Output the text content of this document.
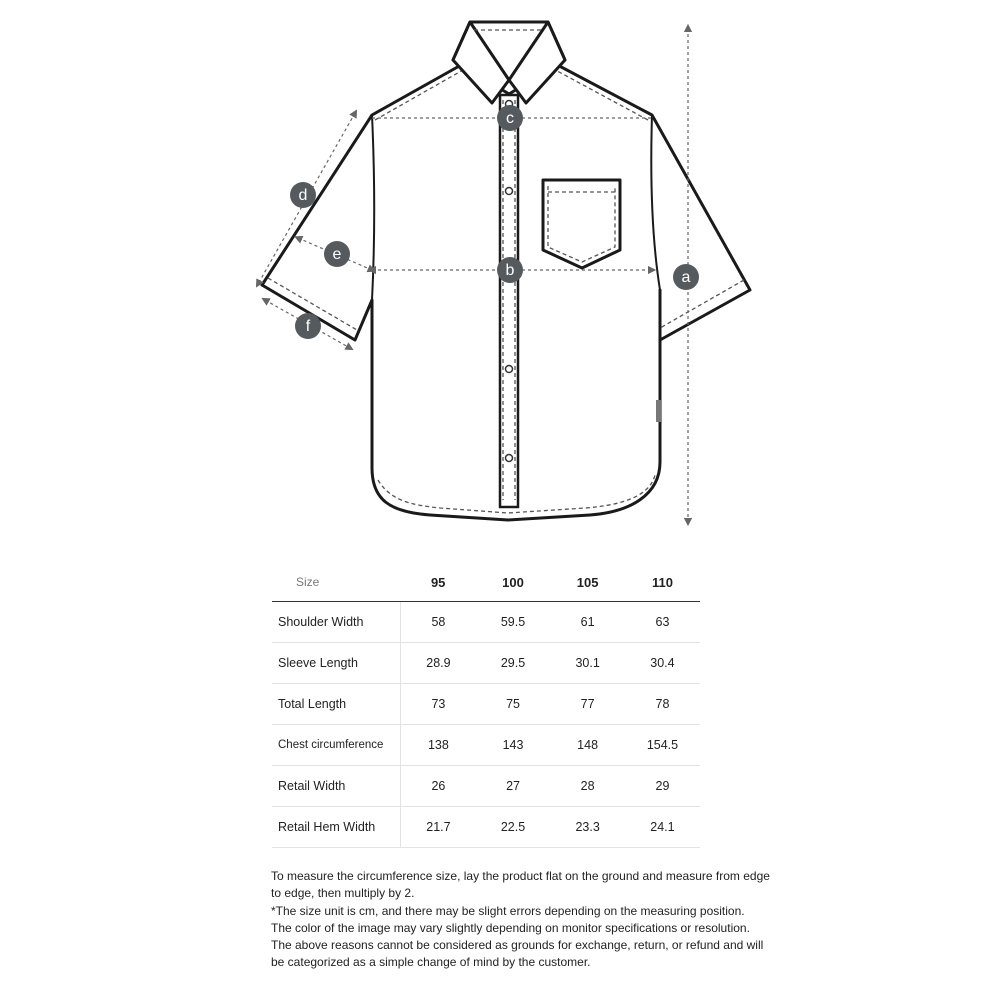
a
b
c
d
e
f
Size	95	100	105	110
Shoulder Width	58	59.5	61	63
Sleeve Length	28.9	29.5	30.1	30.4
Total Length	73	75	77	78
Chest circumference	138	143	148	154.5
Retail Width	26	27	28	29
Retail Hem Width	21.7	22.5	23.3	24.1

To measure the circumference size, lay the product flat on the ground and measure from edge to edge, then multiply by 2.

*The size unit is cm, and there may be slight errors depending on the measuring position.

The color of the image may vary slightly depending on monitor specifications or resolution.

The above reasons cannot be considered as grounds for exchange, return, or refund and will be categorized as a simple change of mind by the customer.
